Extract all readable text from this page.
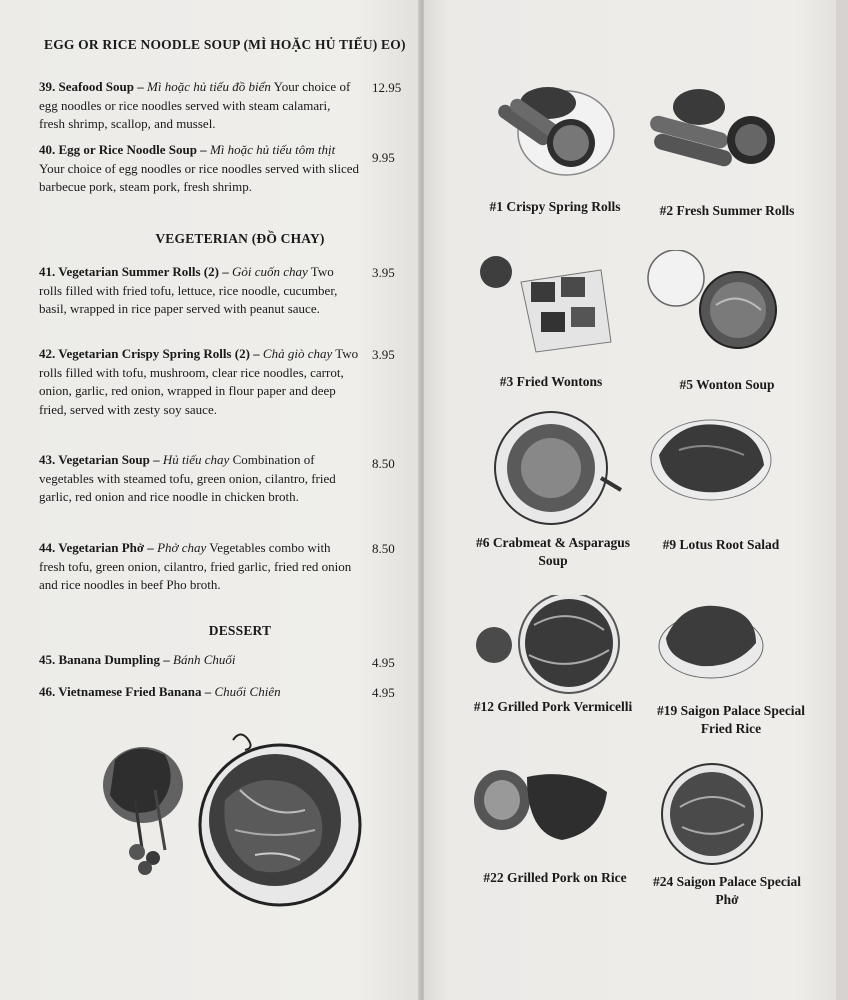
EGG OR RICE NOODLE SOUP (MÌ HOẶC HỦ TIẾU) EO)
39. Seafood Soup – Mì hoặc hủ tiếu đồ biển Your choice of egg noodles or rice noodles served with steam calamari, fresh shrimp, scallop, and mussel.
12.95
40. Egg or Rice Noodle Soup – Mì hoặc hủ tiếu tôm thịt Your choice of egg noodles or rice noodles served with sliced barbecue pork, steam pork, fresh shrimp.
9.95
VEGETERIAN (ĐỒ CHAY)
41. Vegetarian Summer Rolls (2) – Gỏi cuốn chay Two rolls filled with fried tofu, lettuce, rice noodle, cucumber, basil, wrapped in rice paper served with peanut sauce.
3.95
42. Vegetarian Crispy Spring Rolls (2) – Chả giò chay Two rolls filled with tofu, mushroom, clear rice noodles, carrot, onion, garlic, red onion, wrapped in flour paper and deep fried, served with zesty soy sauce.
3.95
43. Vegetarian Soup – Hủ tiếu chay Combination of vegetables with steamed tofu, green onion, cilantro, fried garlic, red onion and rice noodle in chicken broth.
8.50
44. Vegetarian Phở – Phở chay Vegetables combo with fresh tofu, green onion, cilantro, fried garlic, fried red onion and rice noodles in beef Pho broth.
8.50
DESSERT
45. Banana Dumpling – Bánh Chuối	4.95
46. Vietnamese Fried Banana – Chuối Chiên	4.95
#1 Crispy Spring Rolls	#2 Fresh Summer Rolls
#3 Fried Wontons	#5 Wonton Soup
#6 Crabmeat & Asparagus Soup
#9 Lotus Root Salad
#12 Grilled Pork Vermicelli	#19 Saigon Palace Special Fried Rice
#22 Grilled Pork on Rice	#24 Saigon Palace Special Phở
